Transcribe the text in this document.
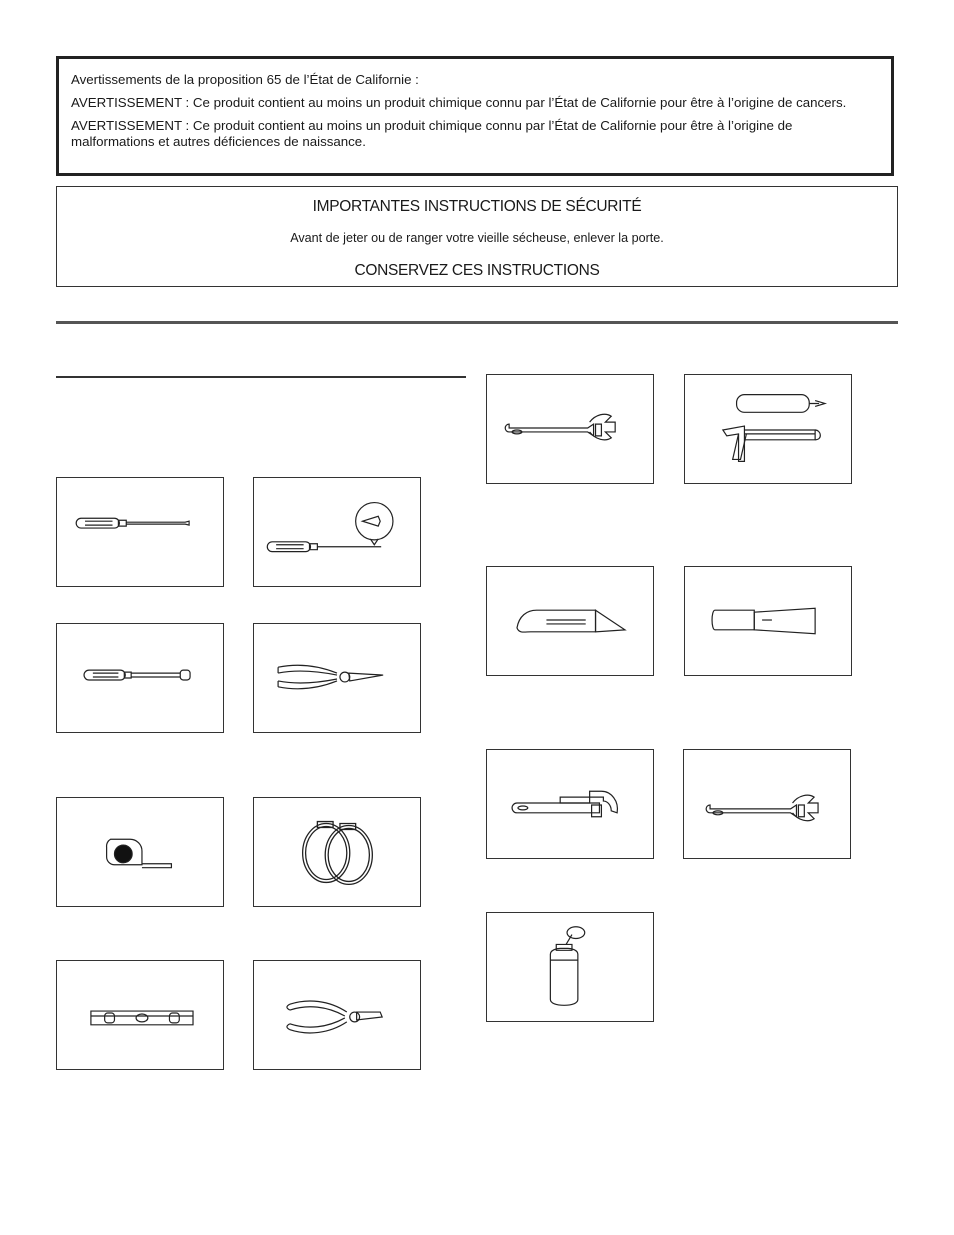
Avertissements de la proposition 65 de l’État de Californie :

AVERTISSEMENT : Ce produit contient au moins un produit chimique connu par l’État de Californie pour être à l’origine de cancers.

AVERTISSEMENT : Ce produit contient au moins un produit chimique connu par l’État de Californie pour être à l’origine de malformations et autres déficiences de naissance.

IMPORTANTES INSTRUCTIONS DE SÉCURITÉ
Avant de jeter ou de ranger votre vieille sécheuse, enlever la porte.
CONSERVEZ CES INSTRUCTIONS
